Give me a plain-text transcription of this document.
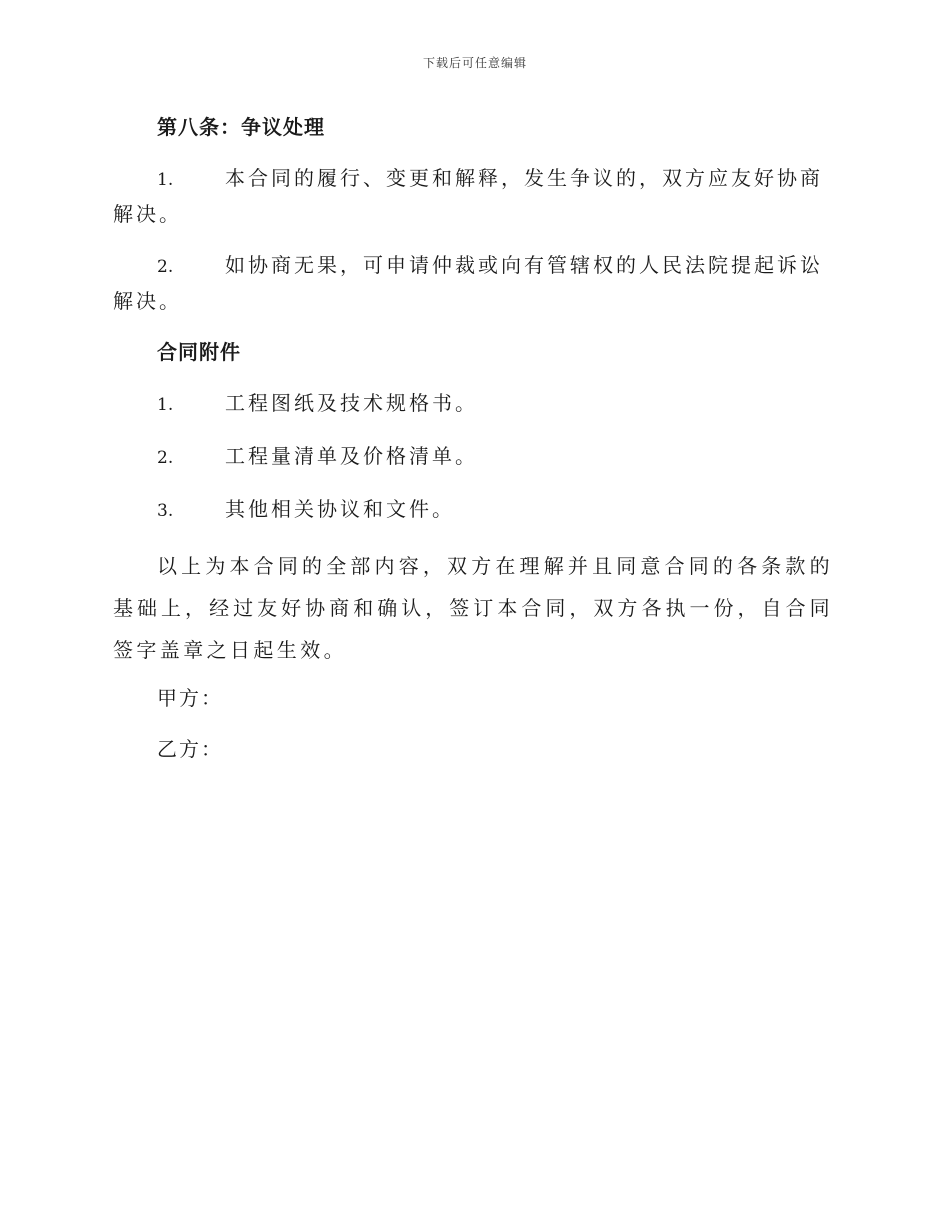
下载后可任意编辑
第八条：争议处理
1.	本合同的履行、变更和解释，发生争议的，双方应友好协商解决。
2.	如协商无果，可申请仲裁或向有管辖权的人民法院提起诉讼解决。
合同附件
1.	工程图纸及技术规格书。
2.	工程量清单及价格清单。
3.	其他相关协议和文件。
以上为本合同的全部内容，双方在理解并且同意合同的各条款的基础上，经过友好协商和确认，签订本合同，双方各执一份，自合同签字盖章之日起生效。
甲方：
乙方：
